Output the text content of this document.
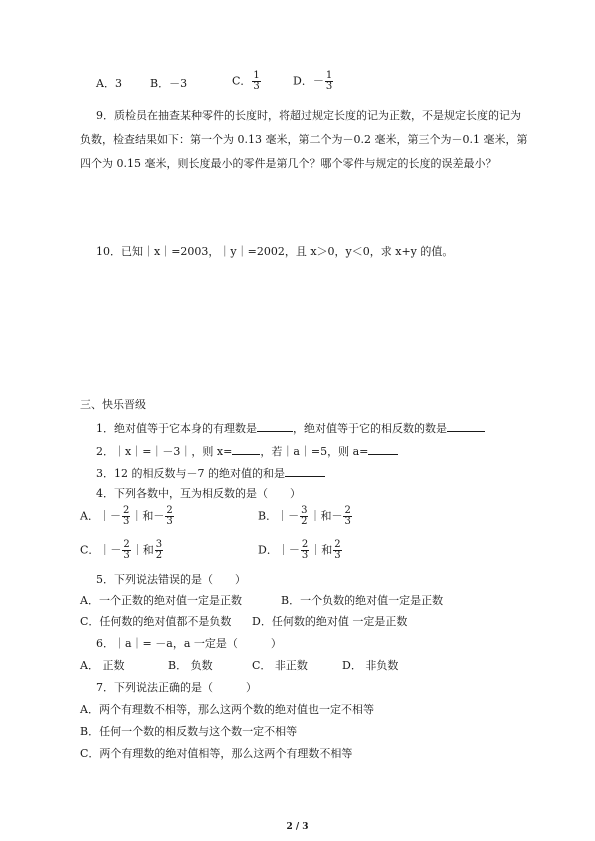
A．3	B．－3	C． $\frac{1}{3}$	D．－ $\frac{1}{3}$
9．质检员在抽查某种零件的长度时，将超过规定长度的记为正数，不是规定长度的记为
负数，检查结果如下：第一个为 0.13 毫米，第二个为－0.2 毫米，第三个为－0.1 毫米，第
四个为 0.15 毫米，则长度最小的零件是第几个？哪个零件与规定的长度的误差最小？
10．已知｜x｜=2003，｜y｜=2002，且 x＞0，y＜0，求 x+y 的值。
三、快乐晋级
1．绝对值等于它本身的有理数是	，绝对值等于它的相反数的数是
2．｜x｜=｜－3｜，则 x=	，若｜a｜=5，则 a=
3．12 的相反数与－7 的绝对值的和是
4．下列各数中，互为相反数的是（　　）
A．｜－ $\frac{2}{3}$ ｜和－ $\frac{2}{3}$	B．｜－ $\frac{3}{2}$ ｜和－ $\frac{2}{3}$
C．｜－ $\frac{2}{3}$ ｜和 $\frac{3}{2}$	D．｜－ $\frac{2}{3}$ ｜和 $\frac{2}{3}$
5．下列说法错误的是（　　）
A．一个正数的绝对值一定是正数	B．一个负数的绝对值一定是正数
C．任何数的绝对值都不是负数 D．任何数的绝对值 一定是正数
6．｜a｜= －a，a 一定是（　　　）
A． 正数	B． 负数	C． 非正数	D． 非负数
7．下列说法正确的是（　　　）
A．两个有理数不相等，那么这两个数的绝对值也一定不相等
B．任何一个数的相反数与这个数一定不相等
C．两个有理数的绝对值相等，那么这两个有理数不相等
2 / 3
